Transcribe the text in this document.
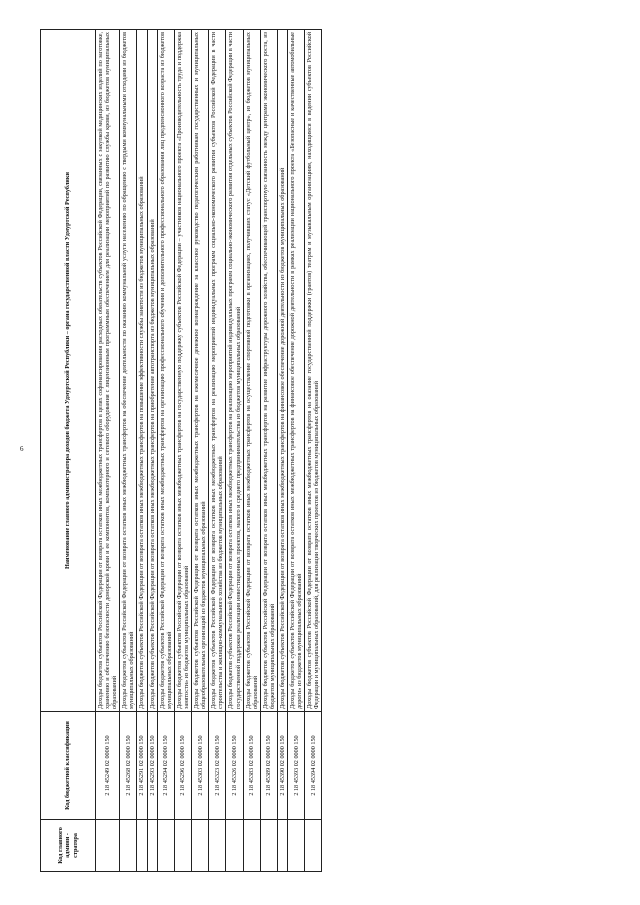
6
Код главного админи - стратора	Код бюджетной классификации	Наименование главного администратора доходов бюджета Удмуртской Республики – органа государственной власти Удмуртской Республики
	2 18 45249 02 0000 150	Доходы бюджетов субъектов Российской Федерации от возврата остатков иных межбюджетных трансфертов в целях софинансирования расходных обязательств субъектов Российской Федерации, связанных с закупкой медицинских изделий по заготовке, хранению и обеспечению безопасности донорской крови и ее компонентов, компьютерного и сетевого оборудования с лицензионным программным обеспечением для реализации мероприятий по развитию службы крови, из бюджетов муниципальных образований
	2 18 45268 02 0000 150	Доходы бюджетов субъектов Российской Федерации от возврата остатков иных межбюджетных трансфертов на обеспечение деятельности по оказанию коммунальной услуги населению по обращению с твердыми коммунальными отходами из бюджетов муниципальных образований
	2 18 45291 02 0000 150	Доходы бюджетов субъектов Российской Федерации от возврата остатков иных межбюджетных трансфертов на повышение эффективности службы занятости из бюджетов муниципальных образований
	2 18 45293 02 0000 150	Доходы бюджетов субъектов Российской Федерации от возврата остатков иных межбюджетных трансфертов на приобретение автотранспорта из бюджетов муниципальных образований
	2 18 45294 02 0000 150	Доходы бюджетов субъектов Российской Федерации от возврата остатков иных межбюджетных трансфертов на организацию профессионального обучения и дополнительного профессионального образования лиц предпенсионного возраста из бюджетов муниципальных образований
	2 18 45296 02 0000 150	Доходы бюджетов субъектов Российской Федерации от возврата остатков иных межбюджетных трансфертов на государственную поддержку субъектов Российской Федерации – участников национального проекта «Производительность труда и поддержка занятости» из бюджетов муниципальных образований
	2 18 45303 02 0000 150	Доходы бюджетов субъектов Российской Федерации от возврата остатков иных межбюджетных трансфертов на ежемесячное денежное вознаграждение за классное руководство педагогическим работникам государственных и муниципальных общеобразовательных организаций из бюджетов муниципальных образований
	2 18 45323 02 0000 150	Доходы бюджетов субъектов Российской Федерации от возврата остатков иных межбюджетных трансфертов на реализацию мероприятий индивидуальных программ социально-экономического развития субъектов Российской Федерации в части строительства и жилищно-коммунального хозяйства из бюджетов муниципальных образований
	2 18 45326 02 0000 150	Доходы бюджетов субъектов Российской Федерации от возврата остатков иных межбюджетных трансфертов на реализацию мероприятий индивидуальных программ социально-экономического развития отдельных субъектов Российской Федерации в части государственной поддержки реализации инвестиционных проектов, малого и среднего предпринимательства из бюджетов муниципальных образований
	2 18 45383 02 0000 150	Доходы бюджетов субъектов Российской Федерации от возврата остатков иных межбюджетных трансфертов на осуществление спортивной подготовки в организациях, получивших статус «Детский футбольный центр», из бюджетов муниципальных образований
	2 18 45389 02 0000 150	Доходы бюджетов субъектов Российской Федерации от возврата остатков иных межбюджетных трансфертов на развитие инфраструктуры дорожного хозяйства, обеспечивающей транспортную связанность между центрами экономического роста, из бюджетов муниципальных образований
	2 18 45390 02 0000 150	Доходы бюджетов субъектов Российской Федерации от возврата остатков иных межбюджетных трансфертов на финансовое обеспечение дорожной деятельности из бюджетов муниципальных образований
	2 18 45393 02 0000 150	Доходы бюджетов субъектов Российской Федерации от возврата остатков иных межбюджетных трансфертов на финансовое обеспечение дорожной деятельности в рамках реализации национального проекта «Безопасные и качественные автомобильные дороги» из бюджетов муниципальных образований
	2 18 45394 02 0000 150	Доходы бюджетов субъектов Российской Федерации от возврата остатков иных межбюджетных трансфертов на оказание государственной поддержки (грантов) театрам и музыкальным организациям, находящимся в ведении субъектов Российской Федерации и муниципальных образований, для реализации творческих проектов из бюджетов муниципальных образований
